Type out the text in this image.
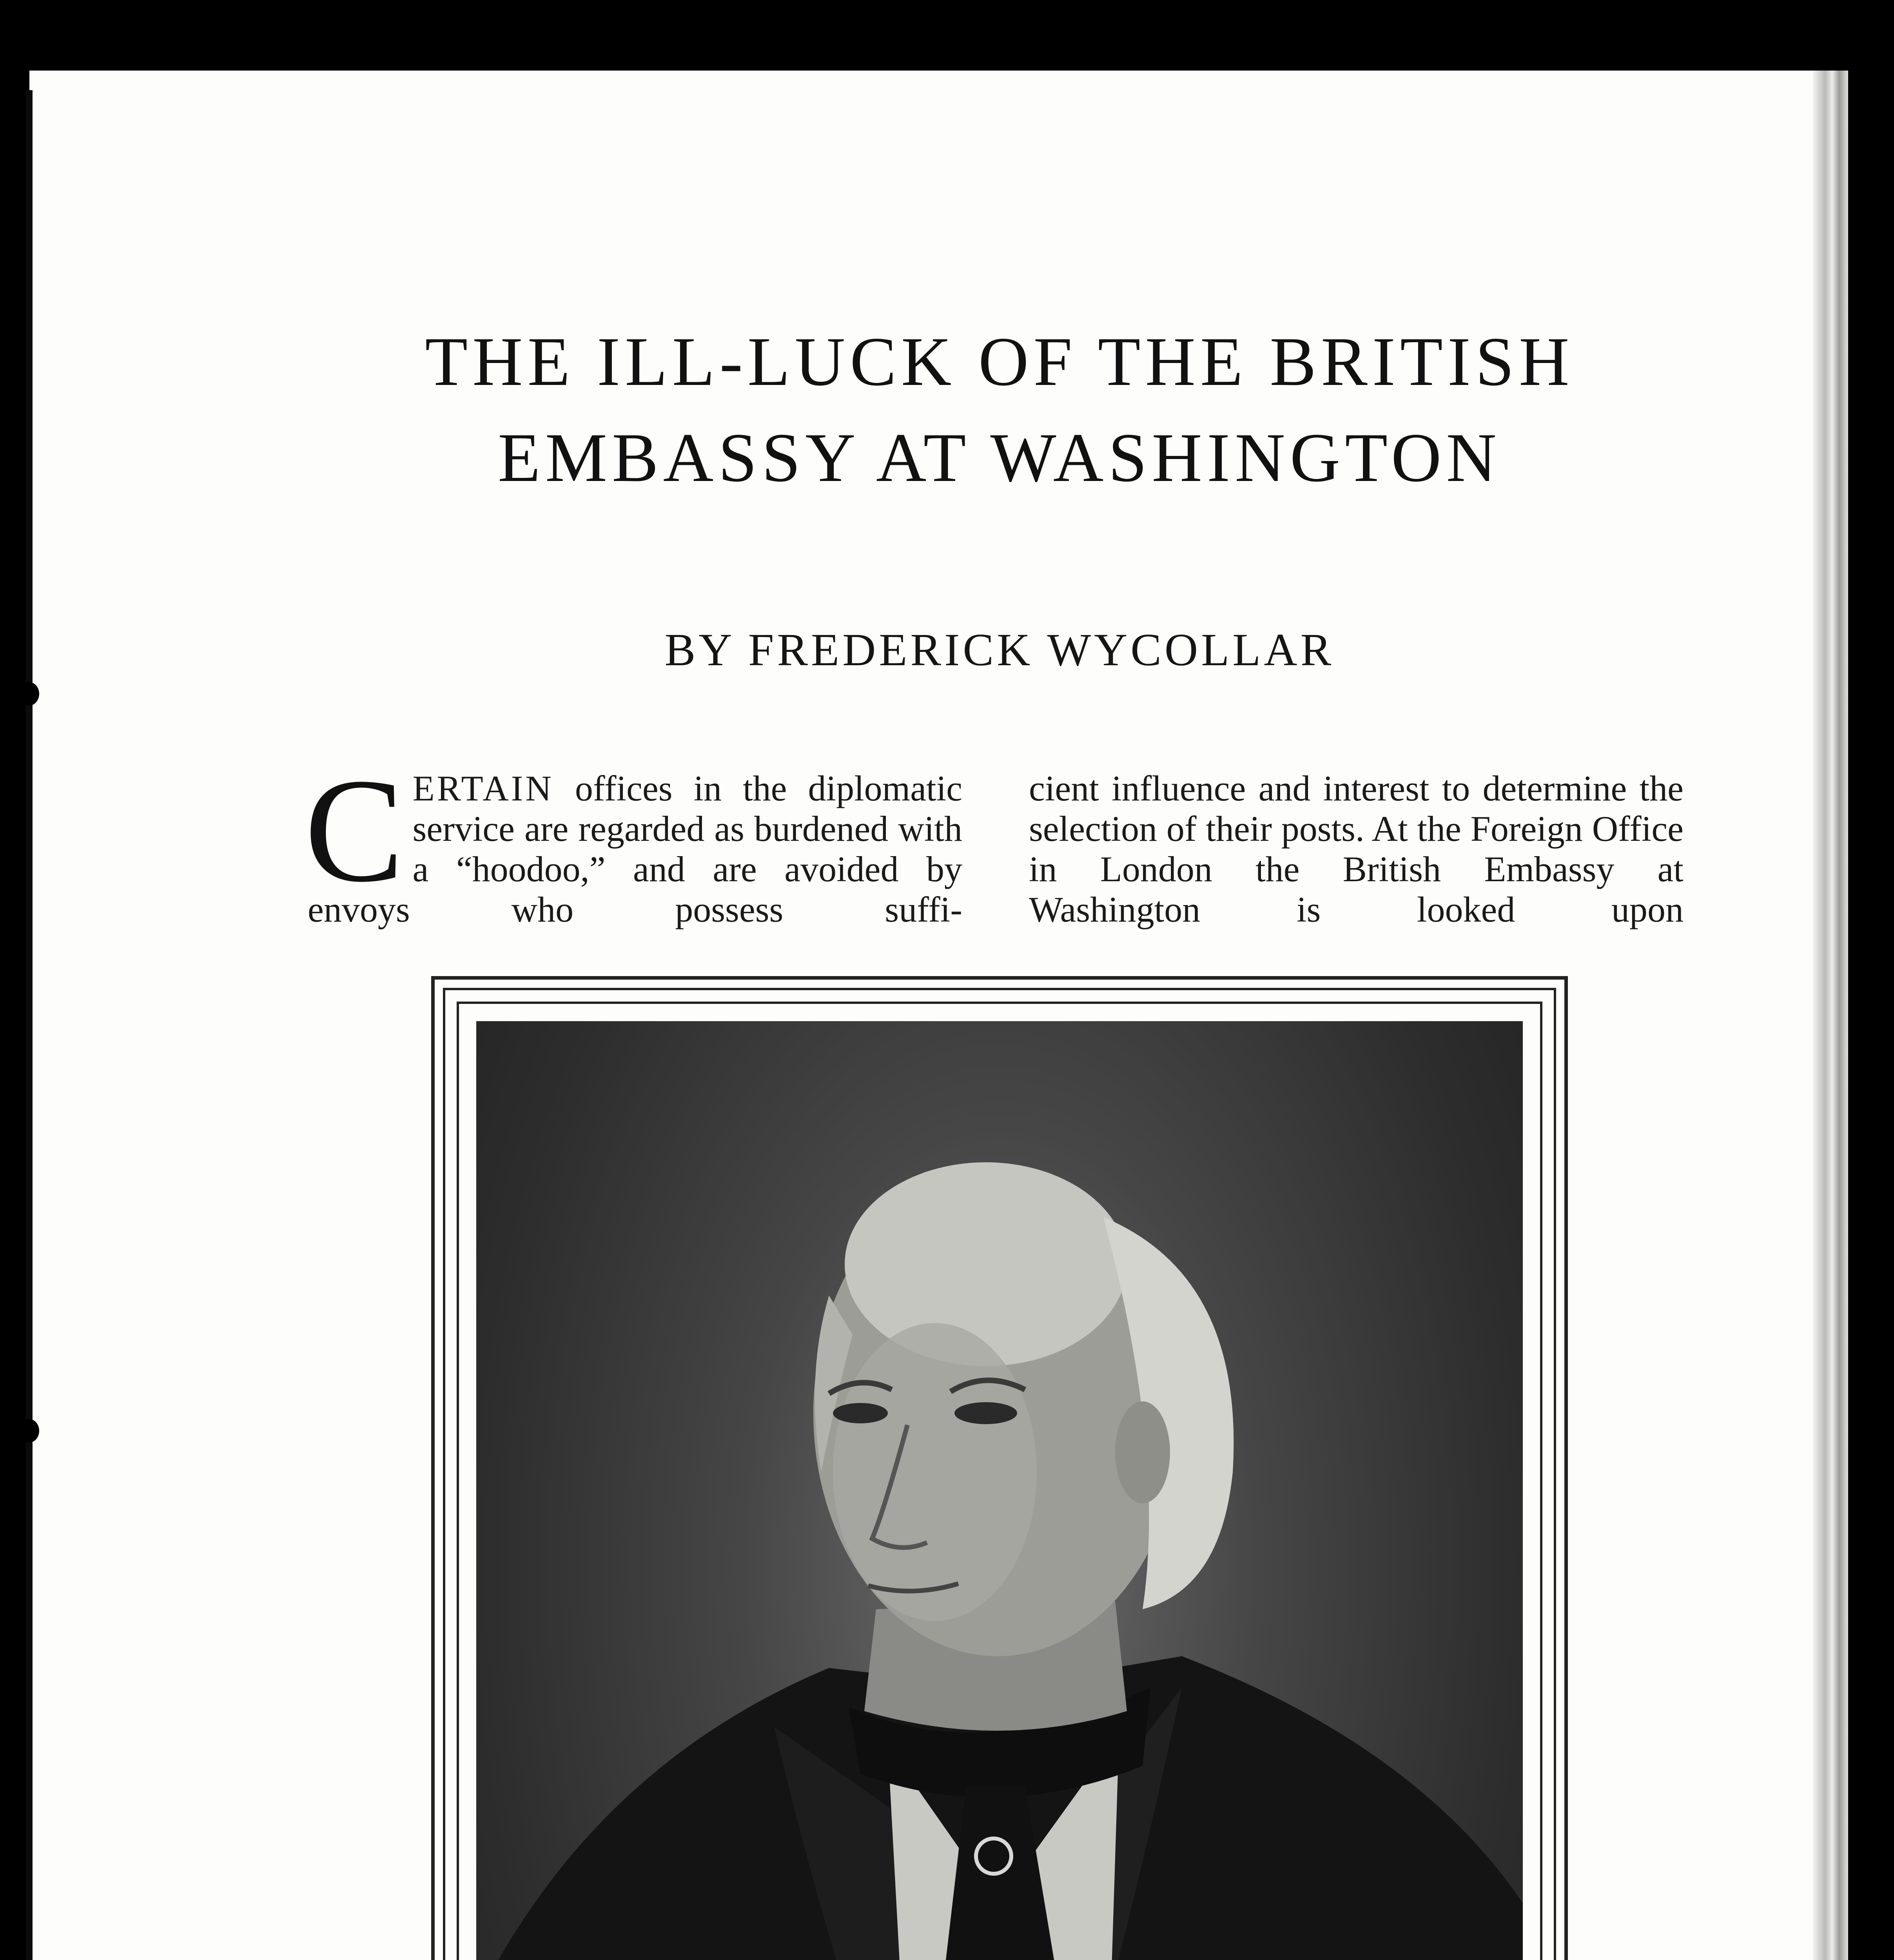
THE ILL-LUCK OF THE BRITISH
EMBASSY AT WASHINGTON
BY FREDERICK WYCOLLAR

CERTAIN offices in the diplomatic service are regarded as burdened with a “hoodoo,” and are avoided by envoys who possess suffi-

cient influence and interest to determine the selection of their posts. At the Foreign Office in London the British Embassy at Washington is looked upon
